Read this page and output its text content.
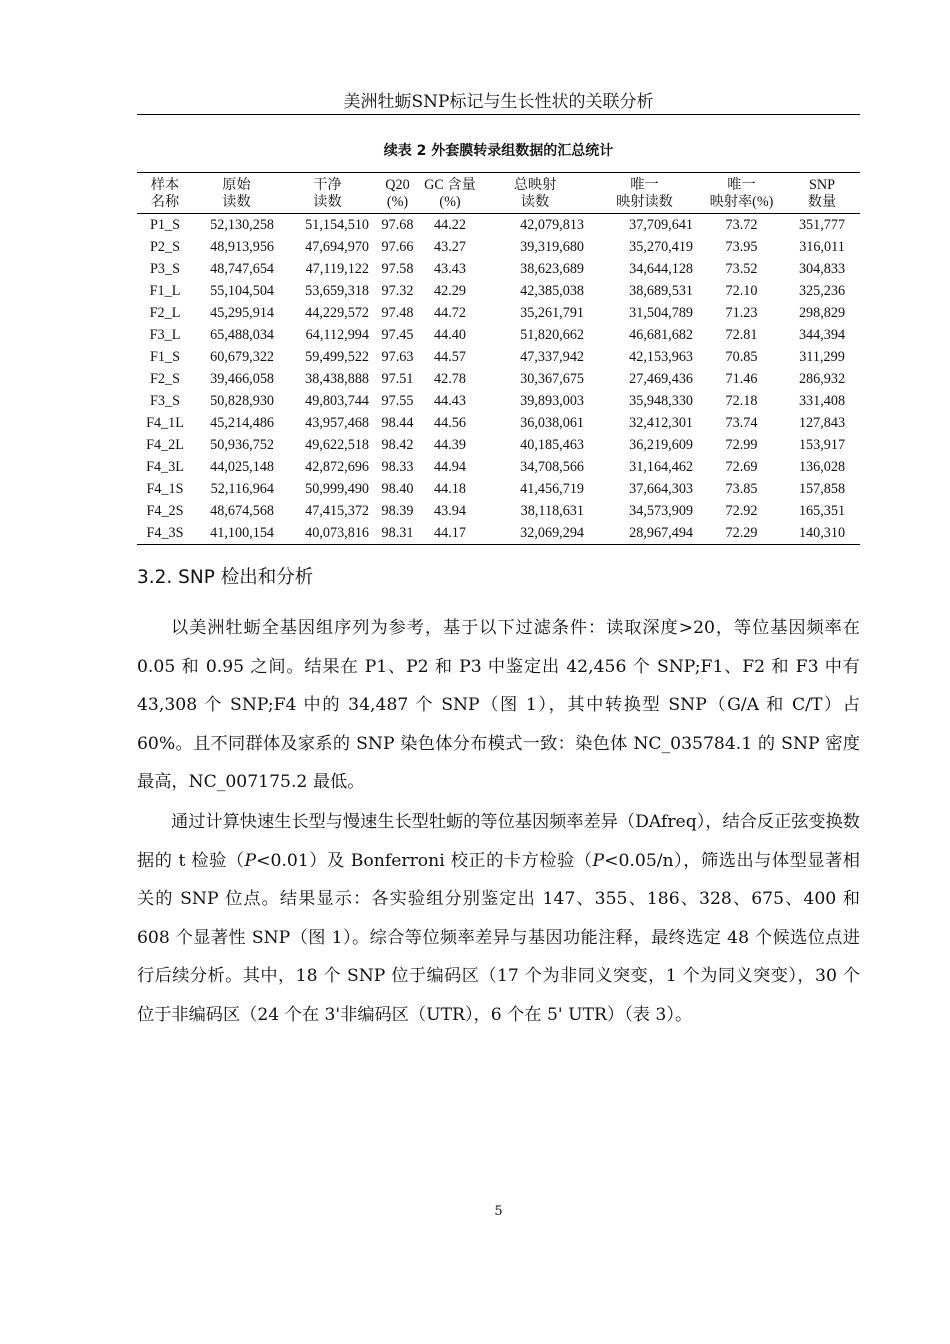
美洲牡蛎SNP标记与生长性状的关联分析
续表 2 外套膜转录组数据的汇总统计
样本	原始	干净	Q20	GC 含量	总映射	唯一	唯一	SNP
名称	读数	读数	(%)	(%)	读数	映射读数	映射率(%)	数量
P1_S	52,130,258	51,154,510	97.68	44.22	42,079,813	37,709,641	73.72	351,777
P2_S	48,913,956	47,694,970	97.66	43.27	39,319,680	35,270,419	73.95	316,011
P3_S	48,747,654	47,119,122	97.58	43.43	38,623,689	34,644,128	73.52	304,833
F1_L	55,104,504	53,659,318	97.32	42.29	42,385,038	38,689,531	72.10	325,236
F2_L	45,295,914	44,229,572	97.48	44.72	35,261,791	31,504,789	71.23	298,829
F3_L	65,488,034	64,112,994	97.45	44.40	51,820,662	46,681,682	72.81	344,394
F1_S	60,679,322	59,499,522	97.63	44.57	47,337,942	42,153,963	70.85	311,299
F2_S	39,466,058	38,438,888	97.51	42.78	30,367,675	27,469,436	71.46	286,932
F3_S	50,828,930	49,803,744	97.55	44.43	39,893,003	35,948,330	72.18	331,408
F4_1L	45,214,486	43,957,468	98.44	44.56	36,038,061	32,412,301	73.74	127,843
F4_2L	50,936,752	49,622,518	98.42	44.39	40,185,463	36,219,609	72.99	153,917
F4_3L	44,025,148	42,872,696	98.33	44.94	34,708,566	31,164,462	72.69	136,028
F4_1S	52,116,964	50,999,490	98.40	44.18	41,456,719	37,664,303	73.85	157,858
F4_2S	48,674,568	47,415,372	98.39	43.94	38,118,631	34,573,909	72.92	165,351
F4_3S	41,100,154	40,073,816	98.31	44.17	32,069,294	28,967,494	72.29	140,310
3.2. SNP 检出和分析

以美洲牡蛎全基因组序列为参考，基于以下过滤条件：读取深度>20，等位基因频率在 0.05 和 0.95 之间。结果在 P1、P2 和 P3 中鉴定出 42,456 个 SNP;F1、F2 和 F3 中有 43,308 个 SNP;F4 中的 34,487 个 SNP（图 1），其中转换型 SNP（G/A 和 C/T）占 60%。且不同群体及家系的 SNP 染色体分布模式一致：染色体 NC_035784.1 的 SNP 密度最高，NC_007175.2 最低。

通过计算快速生长型与慢速生长型牡蛎的等位基因频率差异（DAfreq），结合反正弦变换数据的 t 检验（P<0.01）及 Bonferroni 校正的卡方检验（P<0.05/n），筛选出与体型显著相关的 SNP 位点。结果显示：各实验组分别鉴定出 147、355、186、328、675、400 和 608 个显著性 SNP（图 1）。综合等位频率差异与基因功能注释，最终选定 48 个候选位点进行后续分析。其中，18 个 SNP 位于编码区（17 个为非同义突变，1 个为同义突变），30 个位于非编码区（24 个在 3'非编码区（UTR），6 个在 5' UTR）（表 3）。

5
